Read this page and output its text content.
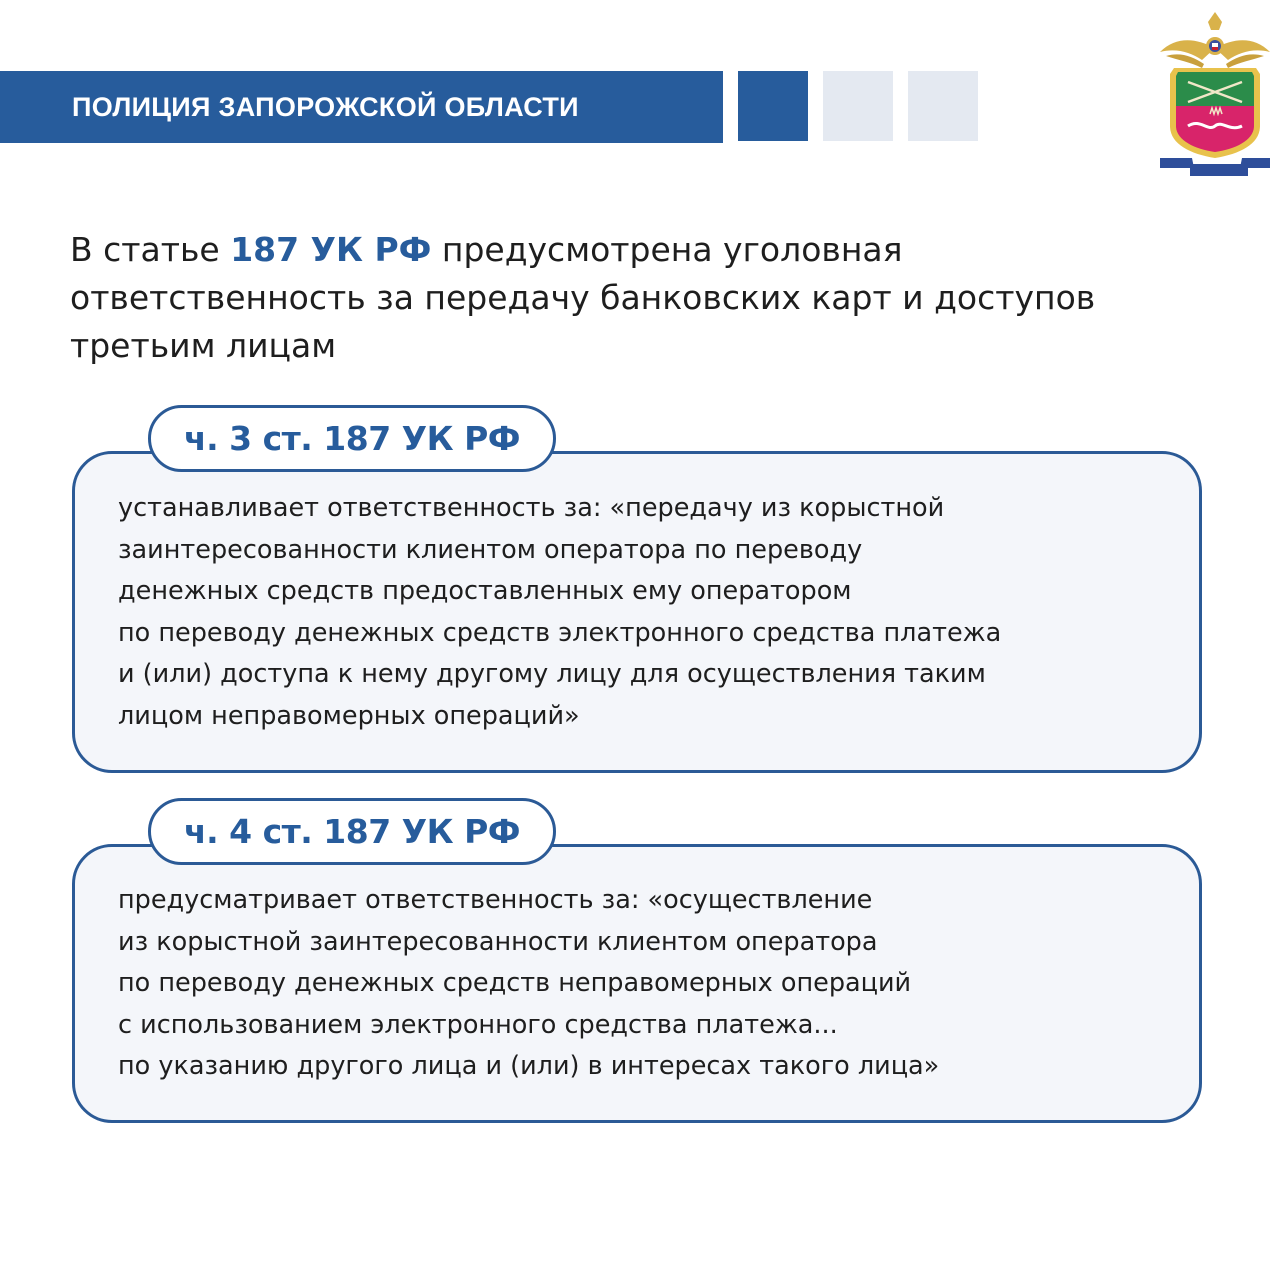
ПОЛИЦИЯ ЗАПОРОЖСКОЙ ОБЛАСТИ
В статье 187 УК РФ предусмотрена уголовная
ответственность за передачу банковских карт и доступов
третьим лицам
ч. 3 ст. 187 УК РФ
устанавливает ответственность за: «передачу из корыстной
заинтересованности клиентом оператора по переводу
денежных средств предоставленных ему оператором
по переводу денежных средств электронного средства платежа
и (или) доступа к нему другому лицу для осуществления таким
лицом неправомерных операций»
ч. 4 ст. 187 УК РФ
предусматривает ответственность за: «осуществление
из корыстной заинтересованности клиентом оператора
по переводу денежных средств неправомерных операций
с использованием электронного средства платежа...
по указанию другого лица и (или) в интересах такого лица»
